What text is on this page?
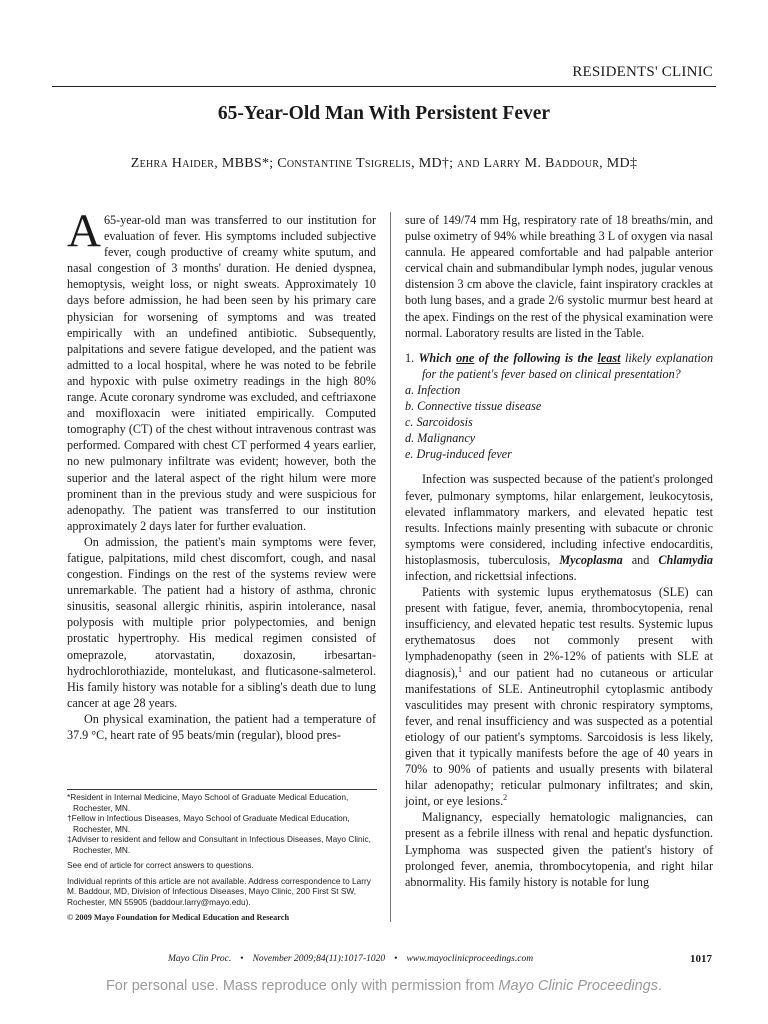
RESIDENTS' CLINIC
65-Year-Old Man With Persistent Fever
Zehra Haider, MBBS*; Constantine Tsigrelis, MD†; and Larry M. Baddour, MD‡

A 65-year-old man was transferred to our institution for evaluation of fever. His symptoms included subjective fever, cough productive of creamy white sputum, and nasal congestion of 3 months' duration. He denied dyspnea, hemoptysis, weight loss, or night sweats. Approximately 10 days before admission, he had been seen by his primary care physician for worsening of symptoms and was treated empirically with an undefined antibiotic. Subsequently, palpitations and severe fatigue developed, and the patient was admitted to a local hospital, where he was noted to be febrile and hypoxic with pulse oximetry readings in the high 80% range. Acute coronary syndrome was excluded, and ceftriaxone and moxifloxacin were initiated empirically. Computed tomography (CT) of the chest without intravenous contrast was performed. Compared with chest CT performed 4 years earlier, no new pulmonary infiltrate was evident; however, both the superior and the lateral aspect of the right hilum were more prominent than in the previous study and were suspicious for adenopathy. The patient was transferred to our institution approximately 2 days later for further evaluation.

On admission, the patient's main symptoms were fever, fatigue, palpitations, mild chest discomfort, cough, and nasal congestion. Findings on the rest of the systems review were unremarkable. The patient had a history of asthma, chronic sinusitis, seasonal allergic rhinitis, aspirin intolerance, nasal polyposis with multiple prior polypectomies, and benign prostatic hypertrophy. His medical regimen consisted of omeprazole, atorvastatin, doxazosin, irbesartan-hydrochlorothiazide, montelukast, and fluticasone-salmeterol. His family history was notable for a sibling's death due to lung cancer at age 28 years.

On physical examination, the patient had a temperature of 37.9 °C, heart rate of 95 beats/min (regular), blood pres-

sure of 149/74 mm Hg, respiratory rate of 18 breaths/min, and pulse oximetry of 94% while breathing 3 L of oxygen via nasal cannula. He appeared comfortable and had palpable anterior cervical chain and submandibular lymph nodes, jugular venous distension 3 cm above the clavicle, faint inspiratory crackles at both lung bases, and a grade 2/6 systolic murmur best heard at the apex. Findings on the rest of the physical examination were normal. Laboratory results are listed in the Table.

1. Which one of the following is the least likely explanation for the patient's fever based on clinical presentation?
a. Infection
b. Connective tissue disease
c. Sarcoidosis
d. Malignancy
e. Drug-induced fever

Infection was suspected because of the patient's prolonged fever, pulmonary symptoms, hilar enlargement, leukocytosis, elevated inflammatory markers, and elevated hepatic test results. Infections mainly presenting with subacute or chronic symptoms were considered, including infective endocarditis, histoplasmosis, tuberculosis, Mycoplasma and Chlamydia infection, and rickettsial infections.

Patients with systemic lupus erythematosus (SLE) can present with fatigue, fever, anemia, thrombocytopenia, renal insufficiency, and elevated hepatic test results. Systemic lupus erythematosus does not commonly present with lymphadenopathy (seen in 2%-12% of patients with SLE at diagnosis),$^1$ and our patient had no cutaneous or articular manifestations of SLE. Antineutrophil cytoplasmic antibody vasculitides may present with chronic respiratory symptoms, fever, and renal insufficiency and was suspected as a potential etiology of our patient's symptoms. Sarcoidosis is less likely, given that it typically manifests before the age of 40 years in 70% to 90% of patients and usually presents with bilateral hilar adenopathy; reticular pulmonary infiltrates; and skin, joint, or eye lesions.$^2$

Malignancy, especially hematologic malignancies, can present as a febrile illness with renal and hepatic dysfunction. Lymphoma was suspected given the patient's history of prolonged fever, anemia, thrombocytopenia, and right hilar abnormality. His family history is notable for lung

*Resident in Internal Medicine, Mayo School of Graduate Medical Education, Rochester, MN.
†Fellow in Infectious Diseases, Mayo School of Graduate Medical Education, Rochester, MN.
‡Adviser to resident and fellow and Consultant in Infectious Diseases, Mayo Clinic, Rochester, MN.
See end of article for correct answers to questions.
Individual reprints of this article are not available. Address correspondence to Larry M. Baddour, MD, Division of Infectious Diseases, Mayo Clinic, 200 First St SW, Rochester, MN 55905 (baddour.larry@mayo.edu).
© 2009 Mayo Foundation for Medical Education and Research
Mayo Clin Proc. • November 2009;84(11):1017-1020 • www.mayoclinicproceedings.com	1017
For personal use. Mass reproduce only with permission from Mayo Clinic Proceedings.
